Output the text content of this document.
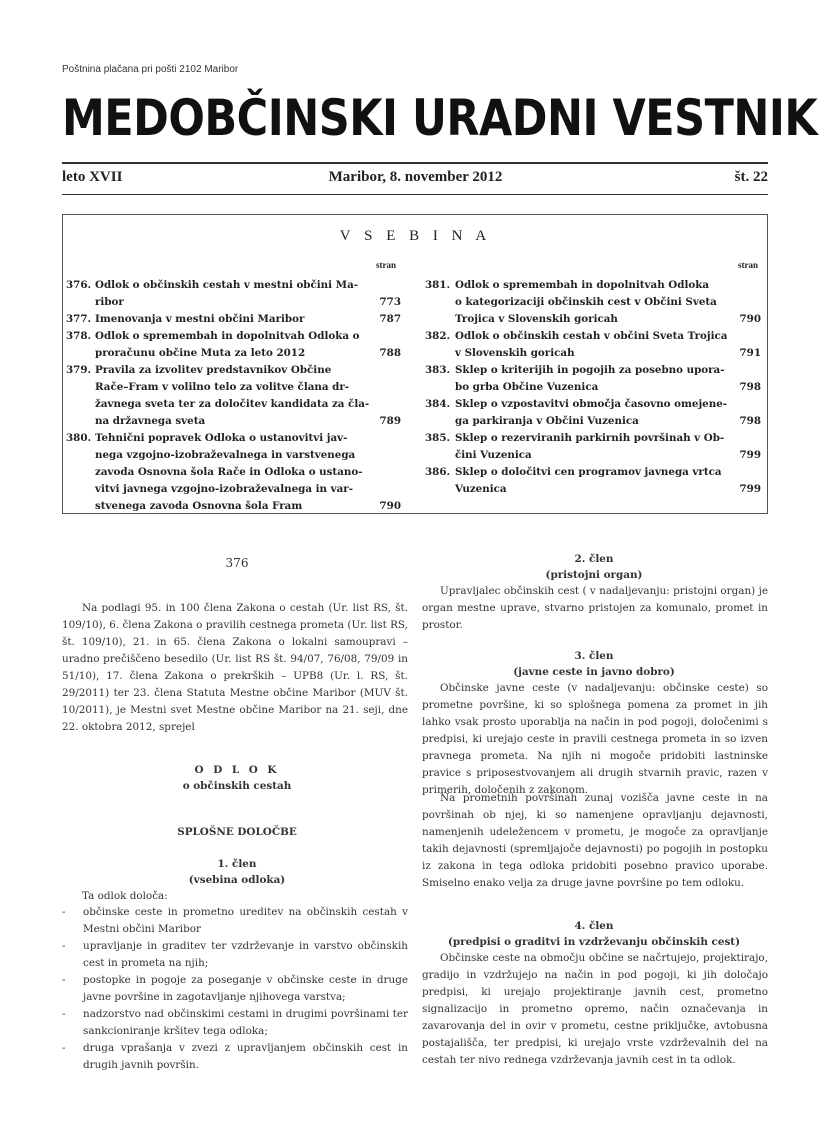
Poštnina plačana pri pošti 2102 Maribor
MEDOBČINSKI URADNI VESTNIK
leto XVII	Maribor, 8. november 2012	št. 22
V S E B I N A
stran	stran
376. Odlok o občinskih cestah v mestni občini Ma-
ribor	773
377. Imenovanja v mestni občini Maribor	787
378. Odlok o spremembah in dopolnitvah Odloka o
proračunu občine Muta za leto 2012	788
379. Pravila za izvolitev predstavnikov Občine
Rače–Fram v volilno telo za volitve člana dr-
žavnega sveta ter za določitev kandidata za čla-
na državnega sveta	789
380. Tehnični popravek Odloka o ustanovitvi jav-
nega vzgojno-izobraževalnega in varstvenega
zavoda Osnovna šola Rače in Odloka o ustano-
vitvi javnega vzgojno-izobraževalnega in var-
stvenega zavoda Osnovna šola Fram	790
381. Odlok o spremembah in dopolnitvah Odloka
o kategorizaciji občinskih cest v Občini Sveta
Trojica v Slovenskih goricah	790
382. Odlok o občinskih cestah v občini Sveta Trojica
v Slovenskih goricah	791
383. Sklep o kriterijih in pogojih za posebno upora-
bo grba Občine Vuzenica	798
384. Sklep o vzpostavitvi območja časovno omejene-
ga parkiranja v Občini Vuzenica	798
385. Sklep o rezerviranih parkirnih površinah v Ob-
čini Vuzenica	799
386. Sklep o določitvi cen programov javnega vrtca
Vuzenica	799
376
Na podlagi 95. in 100 člena Zakona o cestah (Ur. list RS, št. 109/10), 6. člena Zakona o pravilih cestnega prometa (Ur. list RS, št. 109/10), 21. in 65. člena Zakona o lokalni samoupravi – uradno prečiščeno besedilo (Ur. list RS št. 94/07, 76/08, 79/09 in 51/10), 17. člena Zakona o prekrških – UPB8 (Ur. l. RS, št. 29/2011) ter 23. člena Statuta Mestne občine Maribor (MUV št. 10/2011), je Mestni svet Mestne občine Maribor na 21. seji, dne 22. oktobra 2012, sprejel
O D L O K
o občinskih cestah
SPLOŠNE DOLOČBE
1. člen
(vsebina odloka)
Ta odlok določa:
- občinske ceste in prometno ureditev na občinskih cestah v Mestni občini Maribor
- upravljanje in graditev ter vzdrževanje in varstvo občinskih cest in prometa na njih;
- postopke in pogoje za poseganje v občinske ceste in druge javne površine in zagotavljanje njihovega varstva;
- nadzorstvo nad občinskimi cestami in drugimi površinami ter sankcioniranje kršitev tega odloka;
- druga vprašanja v zvezi z upravljanjem občinskih cest in drugih javnih površin.
2. člen
(pristojni organ)
Upravljalec občinskih cest ( v nadaljevanju: pristojni organ) je organ mestne uprave, stvarno pristojen za komunalo, promet in prostor.
3. člen
(javne ceste in javno dobro)
Občinske javne ceste (v nadaljevanju: občinske ceste) so prometne površine, ki so splošnega pomena za promet in jih lahko vsak prosto uporablja na način in pod pogoji, določenimi s predpisi, ki urejajo ceste in pravili cestnega prometa in so izven pravnega prometa. Na njih ni mogoče pridobiti lastninske pravice s priposestvovanjem ali drugih stvarnih pravic, razen v primerih, določenih z zakonom.
Na prometnih površinah zunaj vozišča javne ceste in na površinah ob njej, ki so namenjene opravljanju dejavnosti, namenjenih udeležencem v prometu, je mogoče za opravljanje takih dejavnosti (spremljajoče dejavnosti) po pogojih in postopku iz zakona in tega odloka pridobiti posebno pravico uporabe. Smiselno enako velja za druge javne površine po tem odloku.
4. člen
(predpisi o graditvi in vzdrževanju občinskih cest)
Občinske ceste na območju občine se načrtujejo, projektirajo, gradijo in vzdržujejo na način in pod pogoji, ki jih določajo predpisi, ki urejajo projektiranje javnih cest, prometno signalizacijo in prometno opremo, način označevanja in zavarovanja del in ovir v prometu, cestne priključke, avtobusna postajališča, ter predpisi, ki urejajo vrste vzdrževalnih del na cestah ter nivo rednega vzdrževanja javnih cest in ta odlok.
